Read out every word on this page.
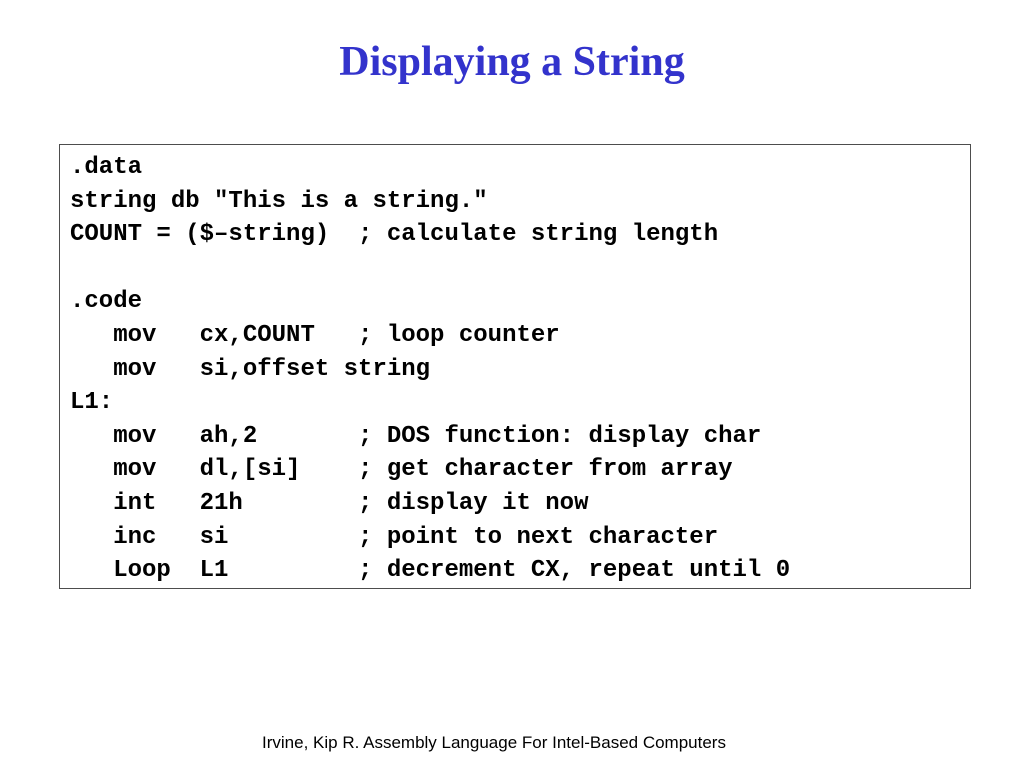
Displaying a String
.data
string db "This is a string."
COUNT = ($–string)  ; calculate string length
.code
mov   cx,COUNT   ; loop counter
mov   si,offset string
L1:
mov   ah,2       ; DOS function: display char
mov   dl,[si]    ; get character from array
int   21h        ; display it now
inc   si         ; point to next character
Loop  L1         ; decrement CX, repeat until 0
Irvine, Kip R. Assembly Language For Intel-Based Computers
